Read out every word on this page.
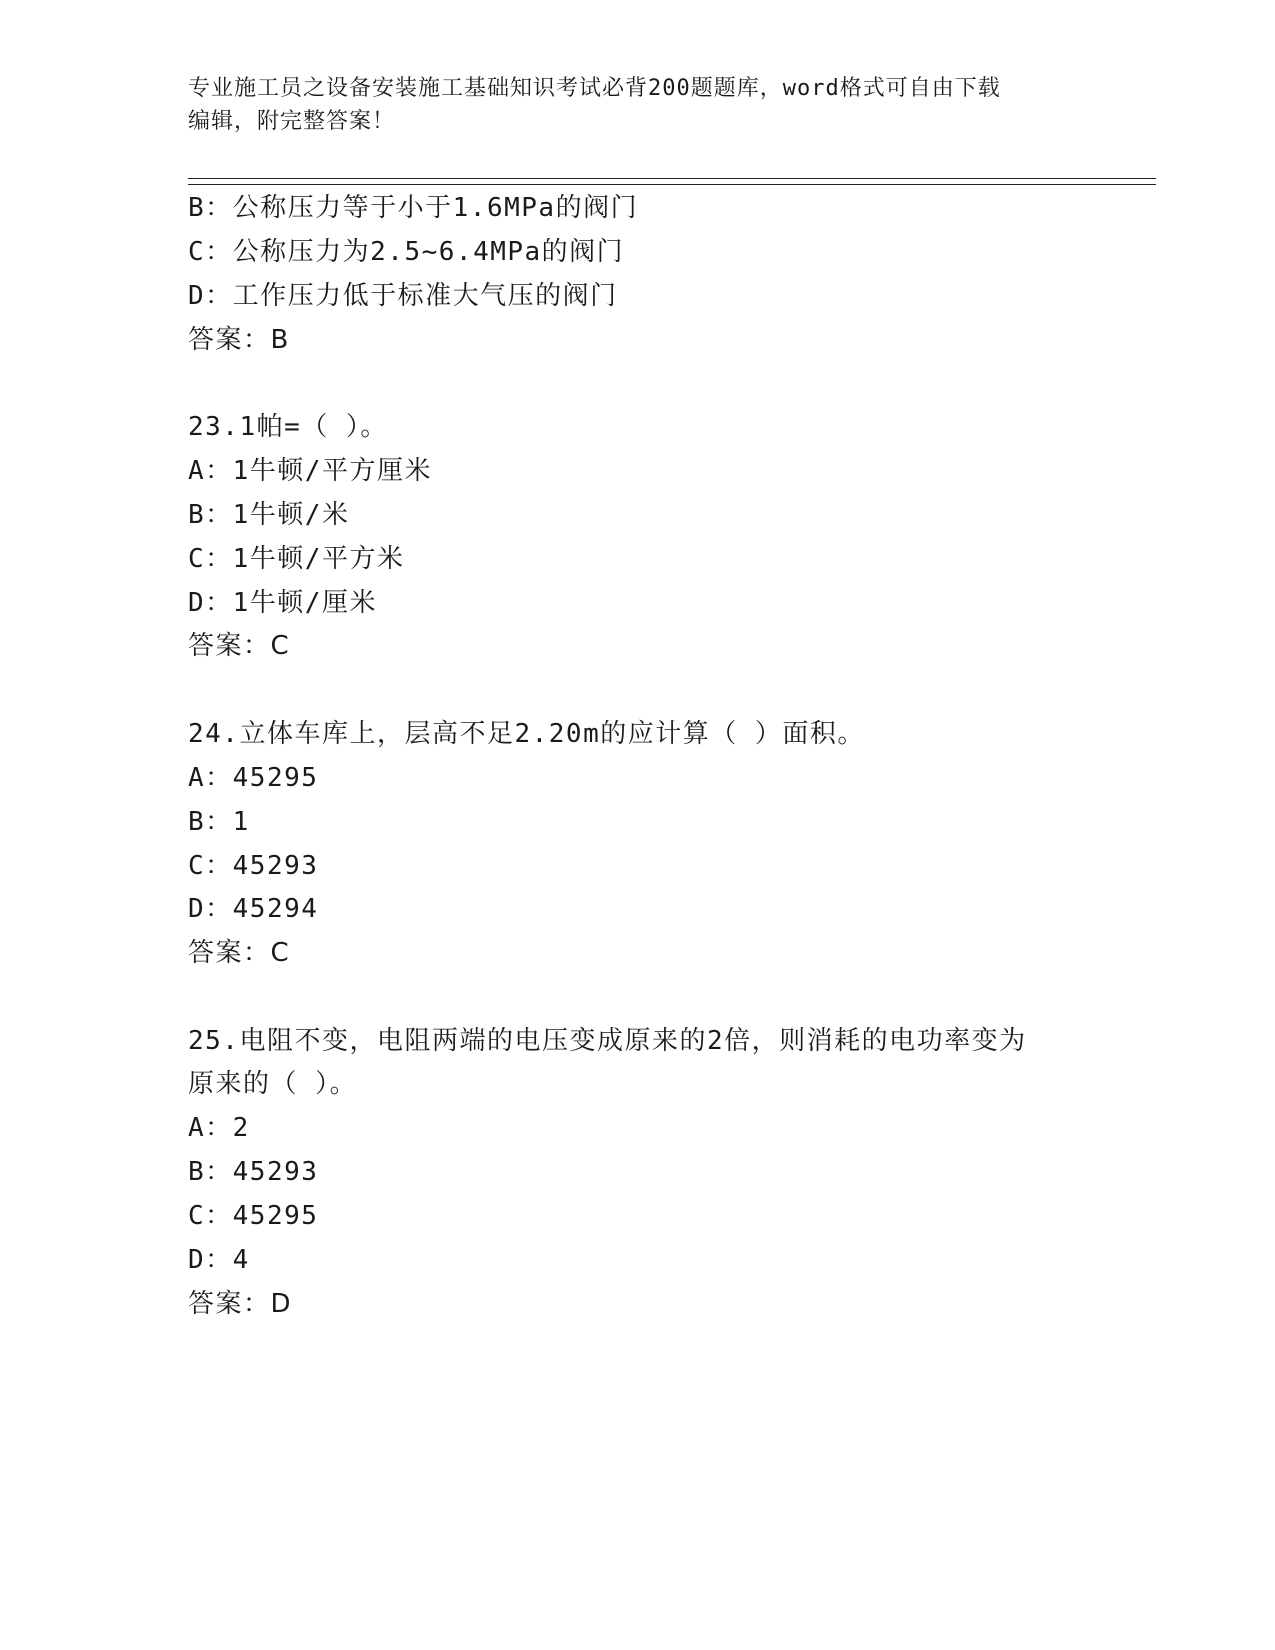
专业施工员之设备安装施工基础知识考试必背200题题库，word格式可自由下载
编辑，附完整答案！
B：公称压力等于小于1.6MPa的阀门
C：公称压力为2.5~6.4MPa的阀门
D：工作压力低于标准大气压的阀门
答案：B
23.1帕=（ ）。
A：1牛顿/平方厘米
B：1牛顿/米
C：1牛顿/平方米
D：1牛顿/厘米
答案：C
24.立体车库上，层高不足2.20m的应计算（ ）面积。
A：45295
B：1
C：45293
D：45294
答案：C
25.电阻不变，电阻两端的电压变成原来的2倍，则消耗的电功率变为
原来的（ ）。
A：2
B：45293
C：45295
D：4
答案：D
